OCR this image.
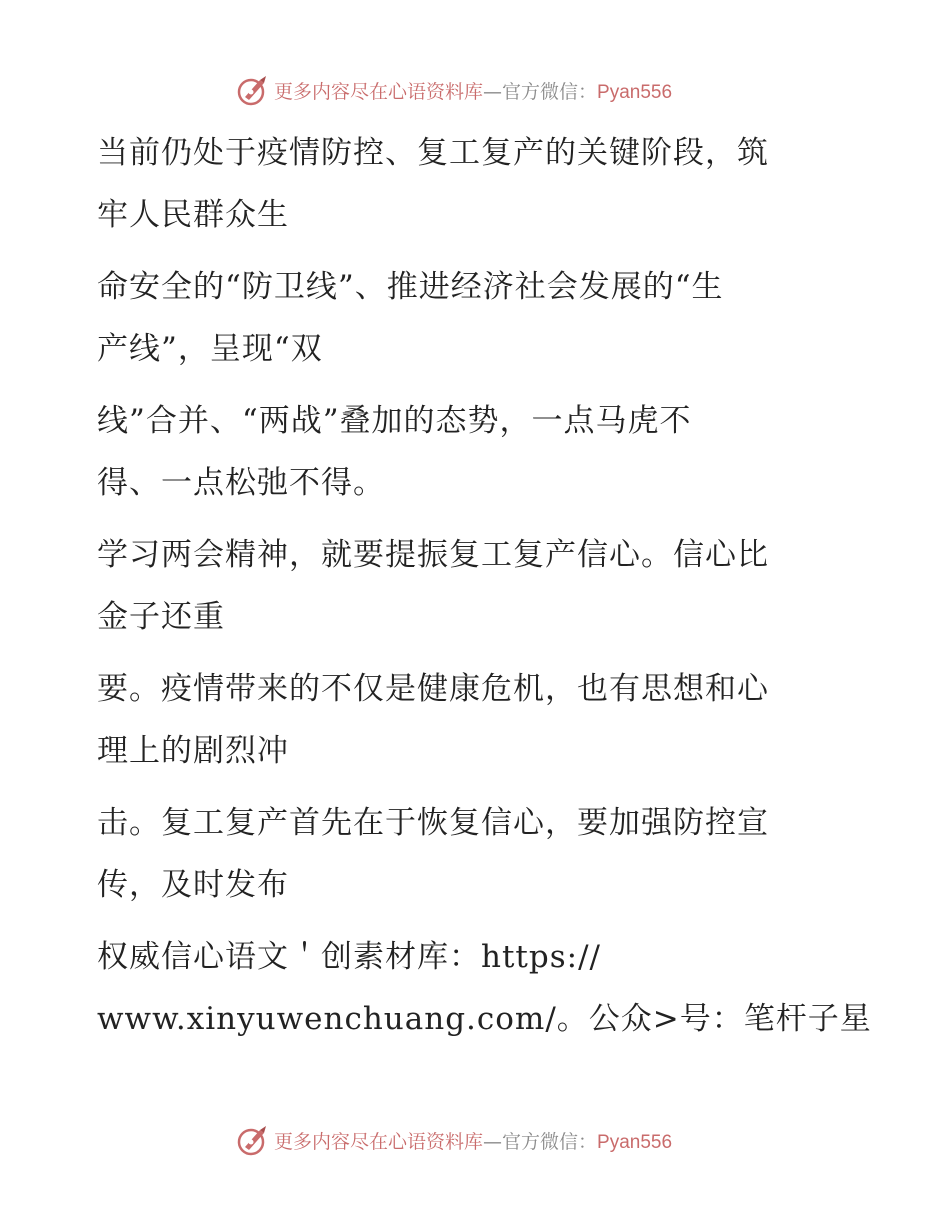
更多内容尽在心语资料库—官方微信：Pyan556
当前仍处于疫情防控、复工复产的关键阶段，筑
牢人民群众生
命安全的“防卫线”、推进经济社会发展的“生
产线”，呈现“双
线”合并、“两战”叠加的态势，一点马虎不
得、一点松弛不得。
学习两会精神，就要提振复工复产信心。信心比
金子还重
要。疫情带来的不仅是健康危机，也有思想和心
理上的剧烈冲
击。复工复产首先在于恢复信心，要加强防控宣
传，及时发布
权威信心语文＇创素材库：https://
www.xinyuwenchuang.com/。公众>号：笔杆子星
更多内容尽在心语资料库—官方微信：Pyan556
